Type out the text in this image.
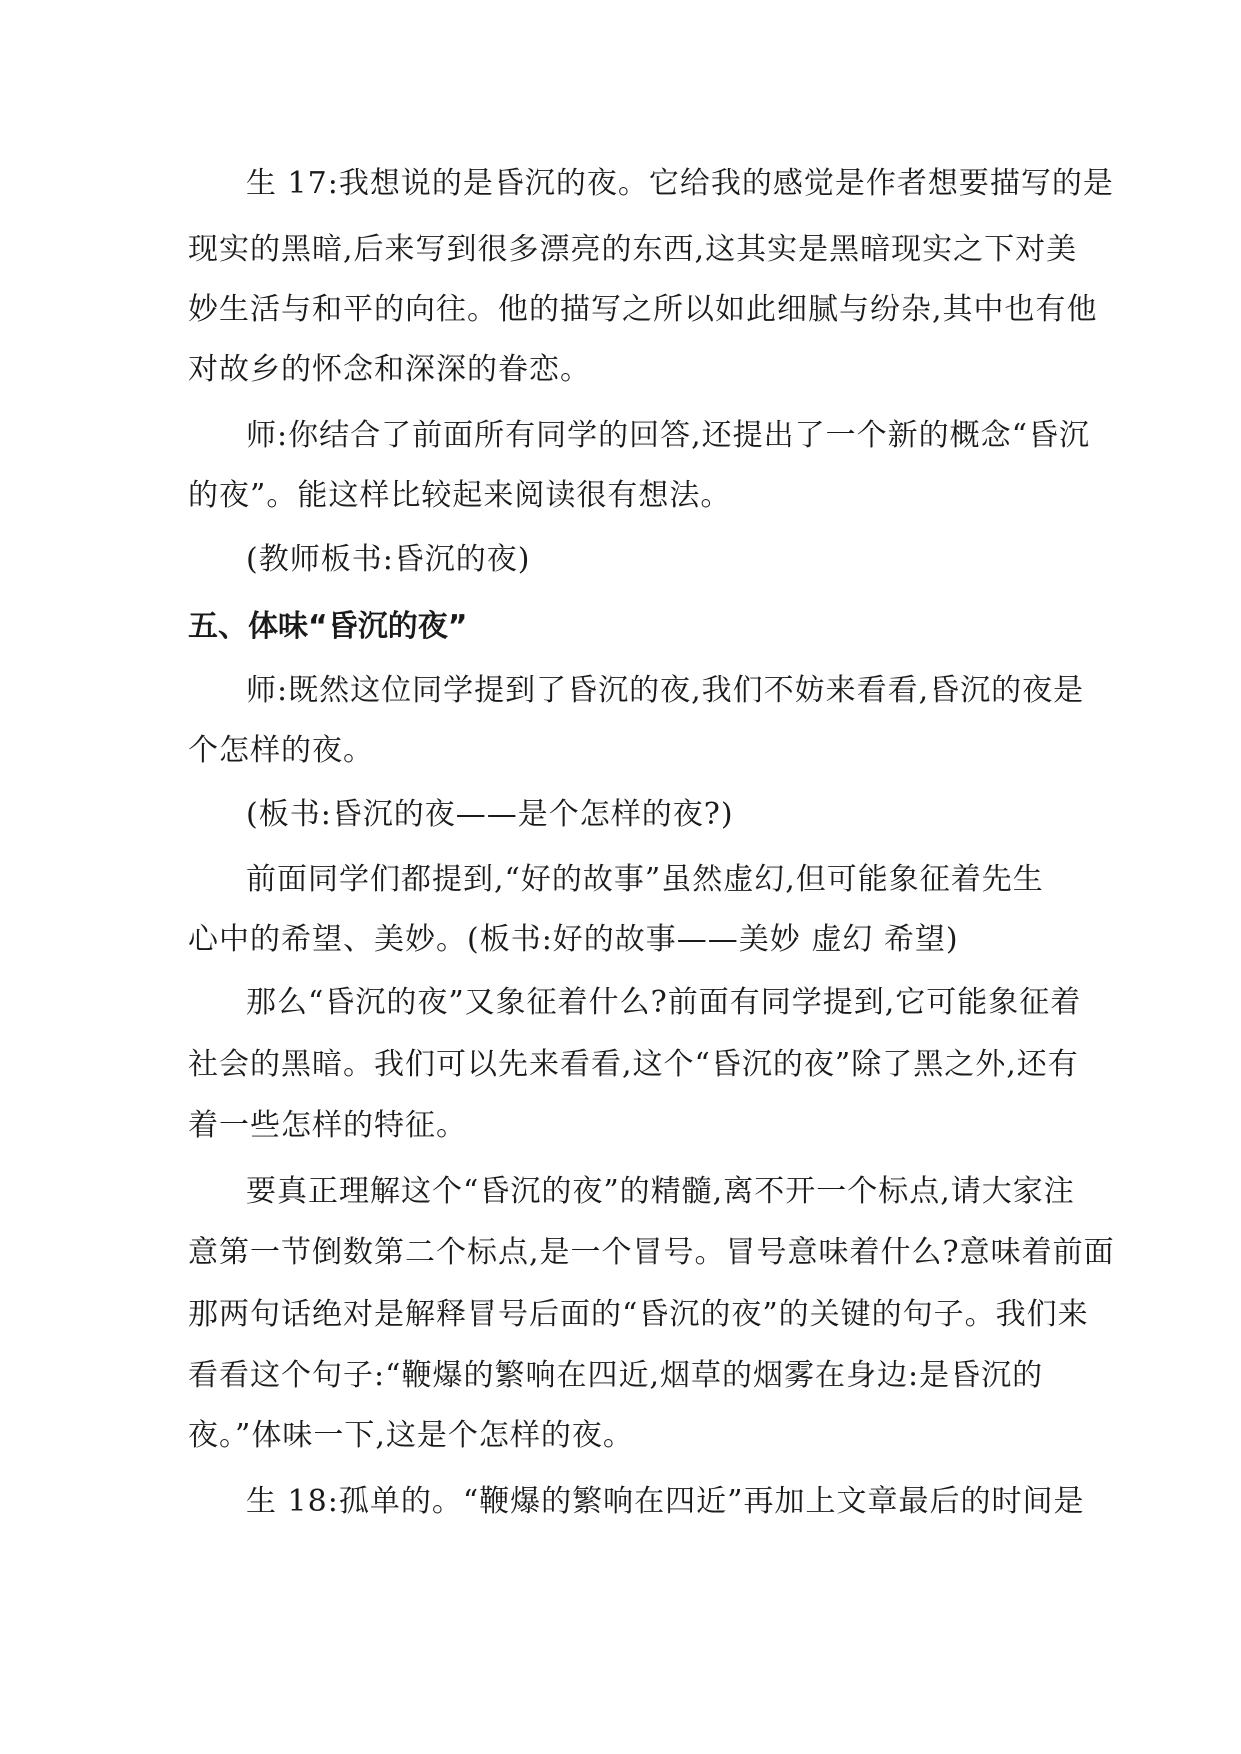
生 17:我想说的是昏沉的夜。它给我的感觉是作者想要描写的是
现实的黑暗,后来写到很多漂亮的东西,这其实是黑暗现实之下对美
妙生活与和平的向往。他的描写之所以如此细腻与纷杂,其中也有他
对故乡的怀念和深深的眷恋。
师:你结合了前面所有同学的回答,还提出了一个新的概念“昏沉
的夜”。能这样比较起来阅读很有想法。
(教师板书:昏沉的夜)
五、体味“昏沉的夜”
师:既然这位同学提到了昏沉的夜,我们不妨来看看,昏沉的夜是
个怎样的夜。
(板书:昏沉的夜——是个怎样的夜?)
前面同学们都提到,“好的故事”虽然虚幻,但可能象征着先生
心中的希望、美妙。(板书:好的故事——美妙 虚幻 希望)
那么“昏沉的夜”又象征着什么?前面有同学提到,它可能象征着
社会的黑暗。我们可以先来看看,这个“昏沉的夜”除了黑之外,还有
着一些怎样的特征。
要真正理解这个“昏沉的夜”的精髓,离不开一个标点,请大家注
意第一节倒数第二个标点,是一个冒号。冒号意味着什么?意味着前面
那两句话绝对是解释冒号后面的“昏沉的夜”的关键的句子。我们来
看看这个句子:“鞭爆的繁响在四近,烟草的烟雾在身边:是昏沉的
夜。”体味一下,这是个怎样的夜。
生 18:孤单的。“鞭爆的繁响在四近”再加上文章最后的时间是
